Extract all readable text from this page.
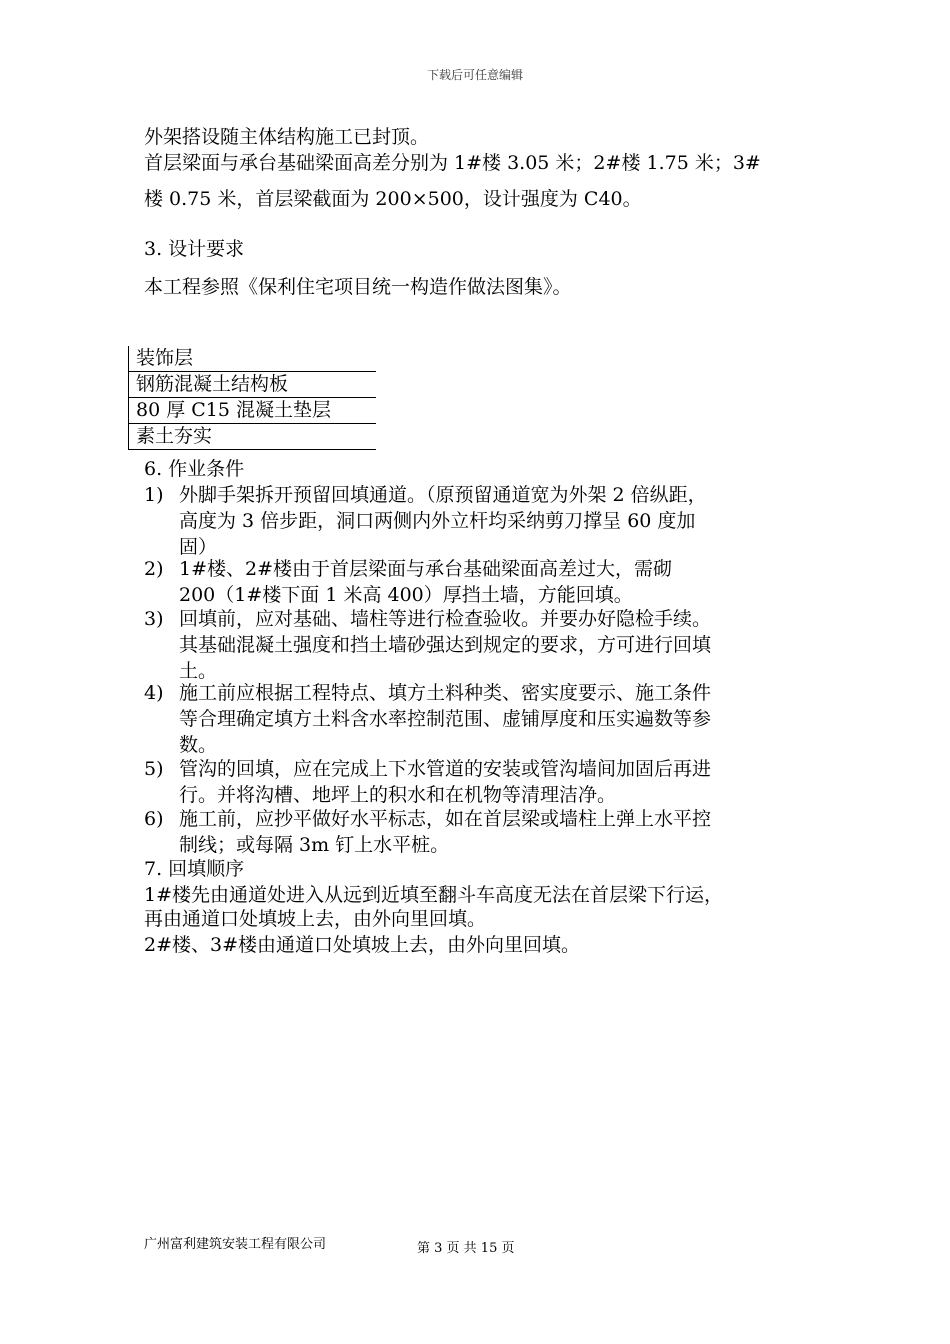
下载后可任意编辑
外架搭设随主体结构施工已封顶。
首层梁面与承台基础梁面高差分别为 1#楼 3.05 米；2#楼 1.75 米；3#
楼 0.75 米，首层梁截面为 200×500，设计强度为 C40。
3. 设计要求
本工程参照《保利住宅项目统一构造作做法图集》。
装饰层
钢筋混凝土结构板
80 厚 C15 混凝土垫层
素土夯实
6. 作业条件
1) 外脚手架拆开预留回填通道。（原预留通道宽为外架 2 倍纵距，
高度为 3 倍步距，洞口两侧内外立杆均采纳剪刀撑呈 60 度加
固）
2) 1#楼、2#楼由于首层梁面与承台基础梁面高差过大，需砌
200（1#楼下面 1 米高 400）厚挡土墙，方能回填。
3) 回填前，应对基础、墙柱等进行检查验收。并要办好隐检手续。
其基础混凝土强度和挡土墙砂强达到规定的要求，方可进行回填
土。
4) 施工前应根据工程特点、填方土料种类、密实度要示、施工条件
等合理确定填方土料含水率控制范围、虚铺厚度和压实遍数等参
数。
5) 管沟的回填，应在完成上下水管道的安装或管沟墙间加固后再进
行。并将沟槽、地坪上的积水和在机物等清理洁净。
6) 施工前，应抄平做好水平标志，如在首层梁或墙柱上弹上水平控
制线；或每隔 3m 钉上水平桩。
7. 回填顺序
1#楼先由通道处进入从远到近填至翻斗车高度无法在首层梁下行运，
再由通道口处填坡上去，由外向里回填。
2#楼、3#楼由通道口处填坡上去，由外向里回填。
广州富利建筑安装工程有限公司	第 3 页 共 15 页
